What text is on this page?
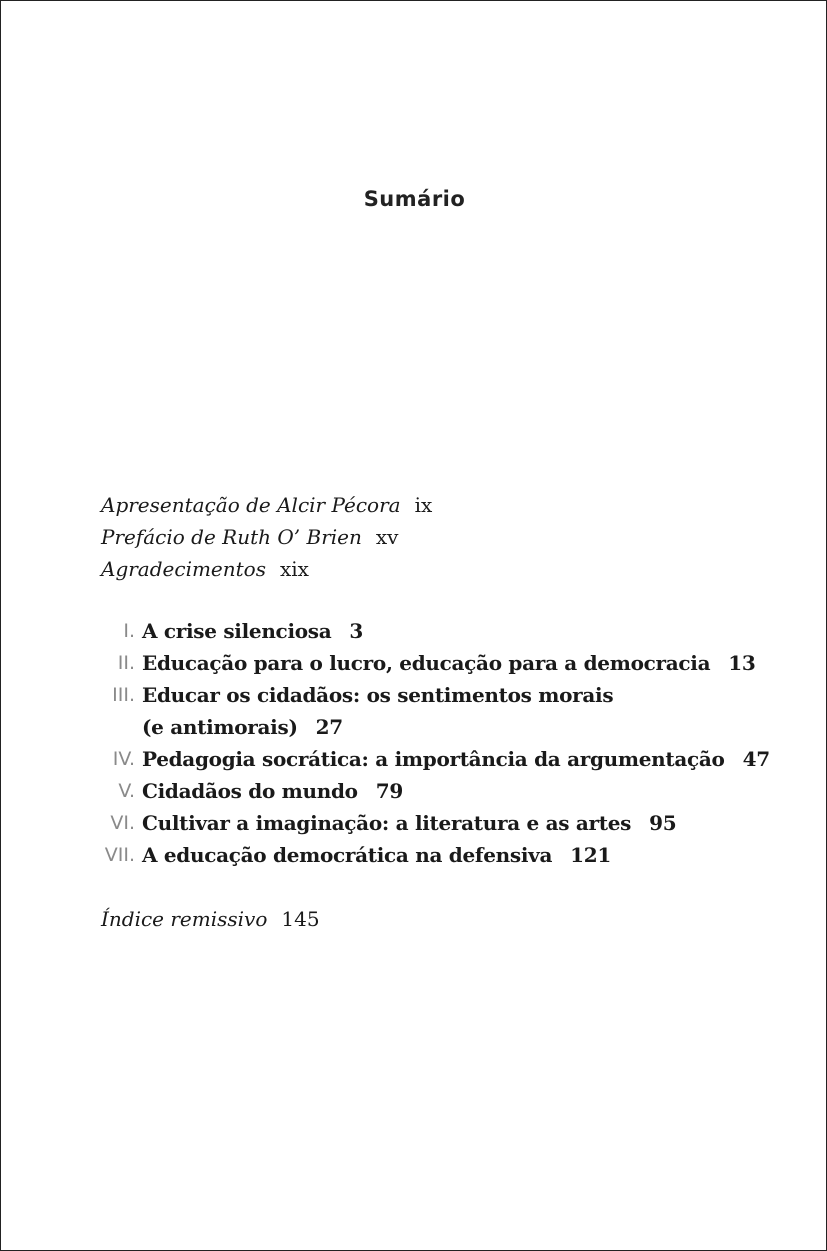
Sumário
Apresentação de Alcir Pécora ix
Prefácio de Ruth O’ Brien xv
Agradecimentos xix
I. A crise silenciosa 3
II. Educação para o lucro, educação para a democracia 13
III. Educar os cidadãos: os sentimentos morais
(e antimorais) 27
IV. Pedagogia socrática: a importância da argumentação 47
V. Cidadãos do mundo 79
VI. Cultivar a imaginação: a literatura e as artes 95
VII. A educação democrática na defensiva 121
Índice remissivo 145
